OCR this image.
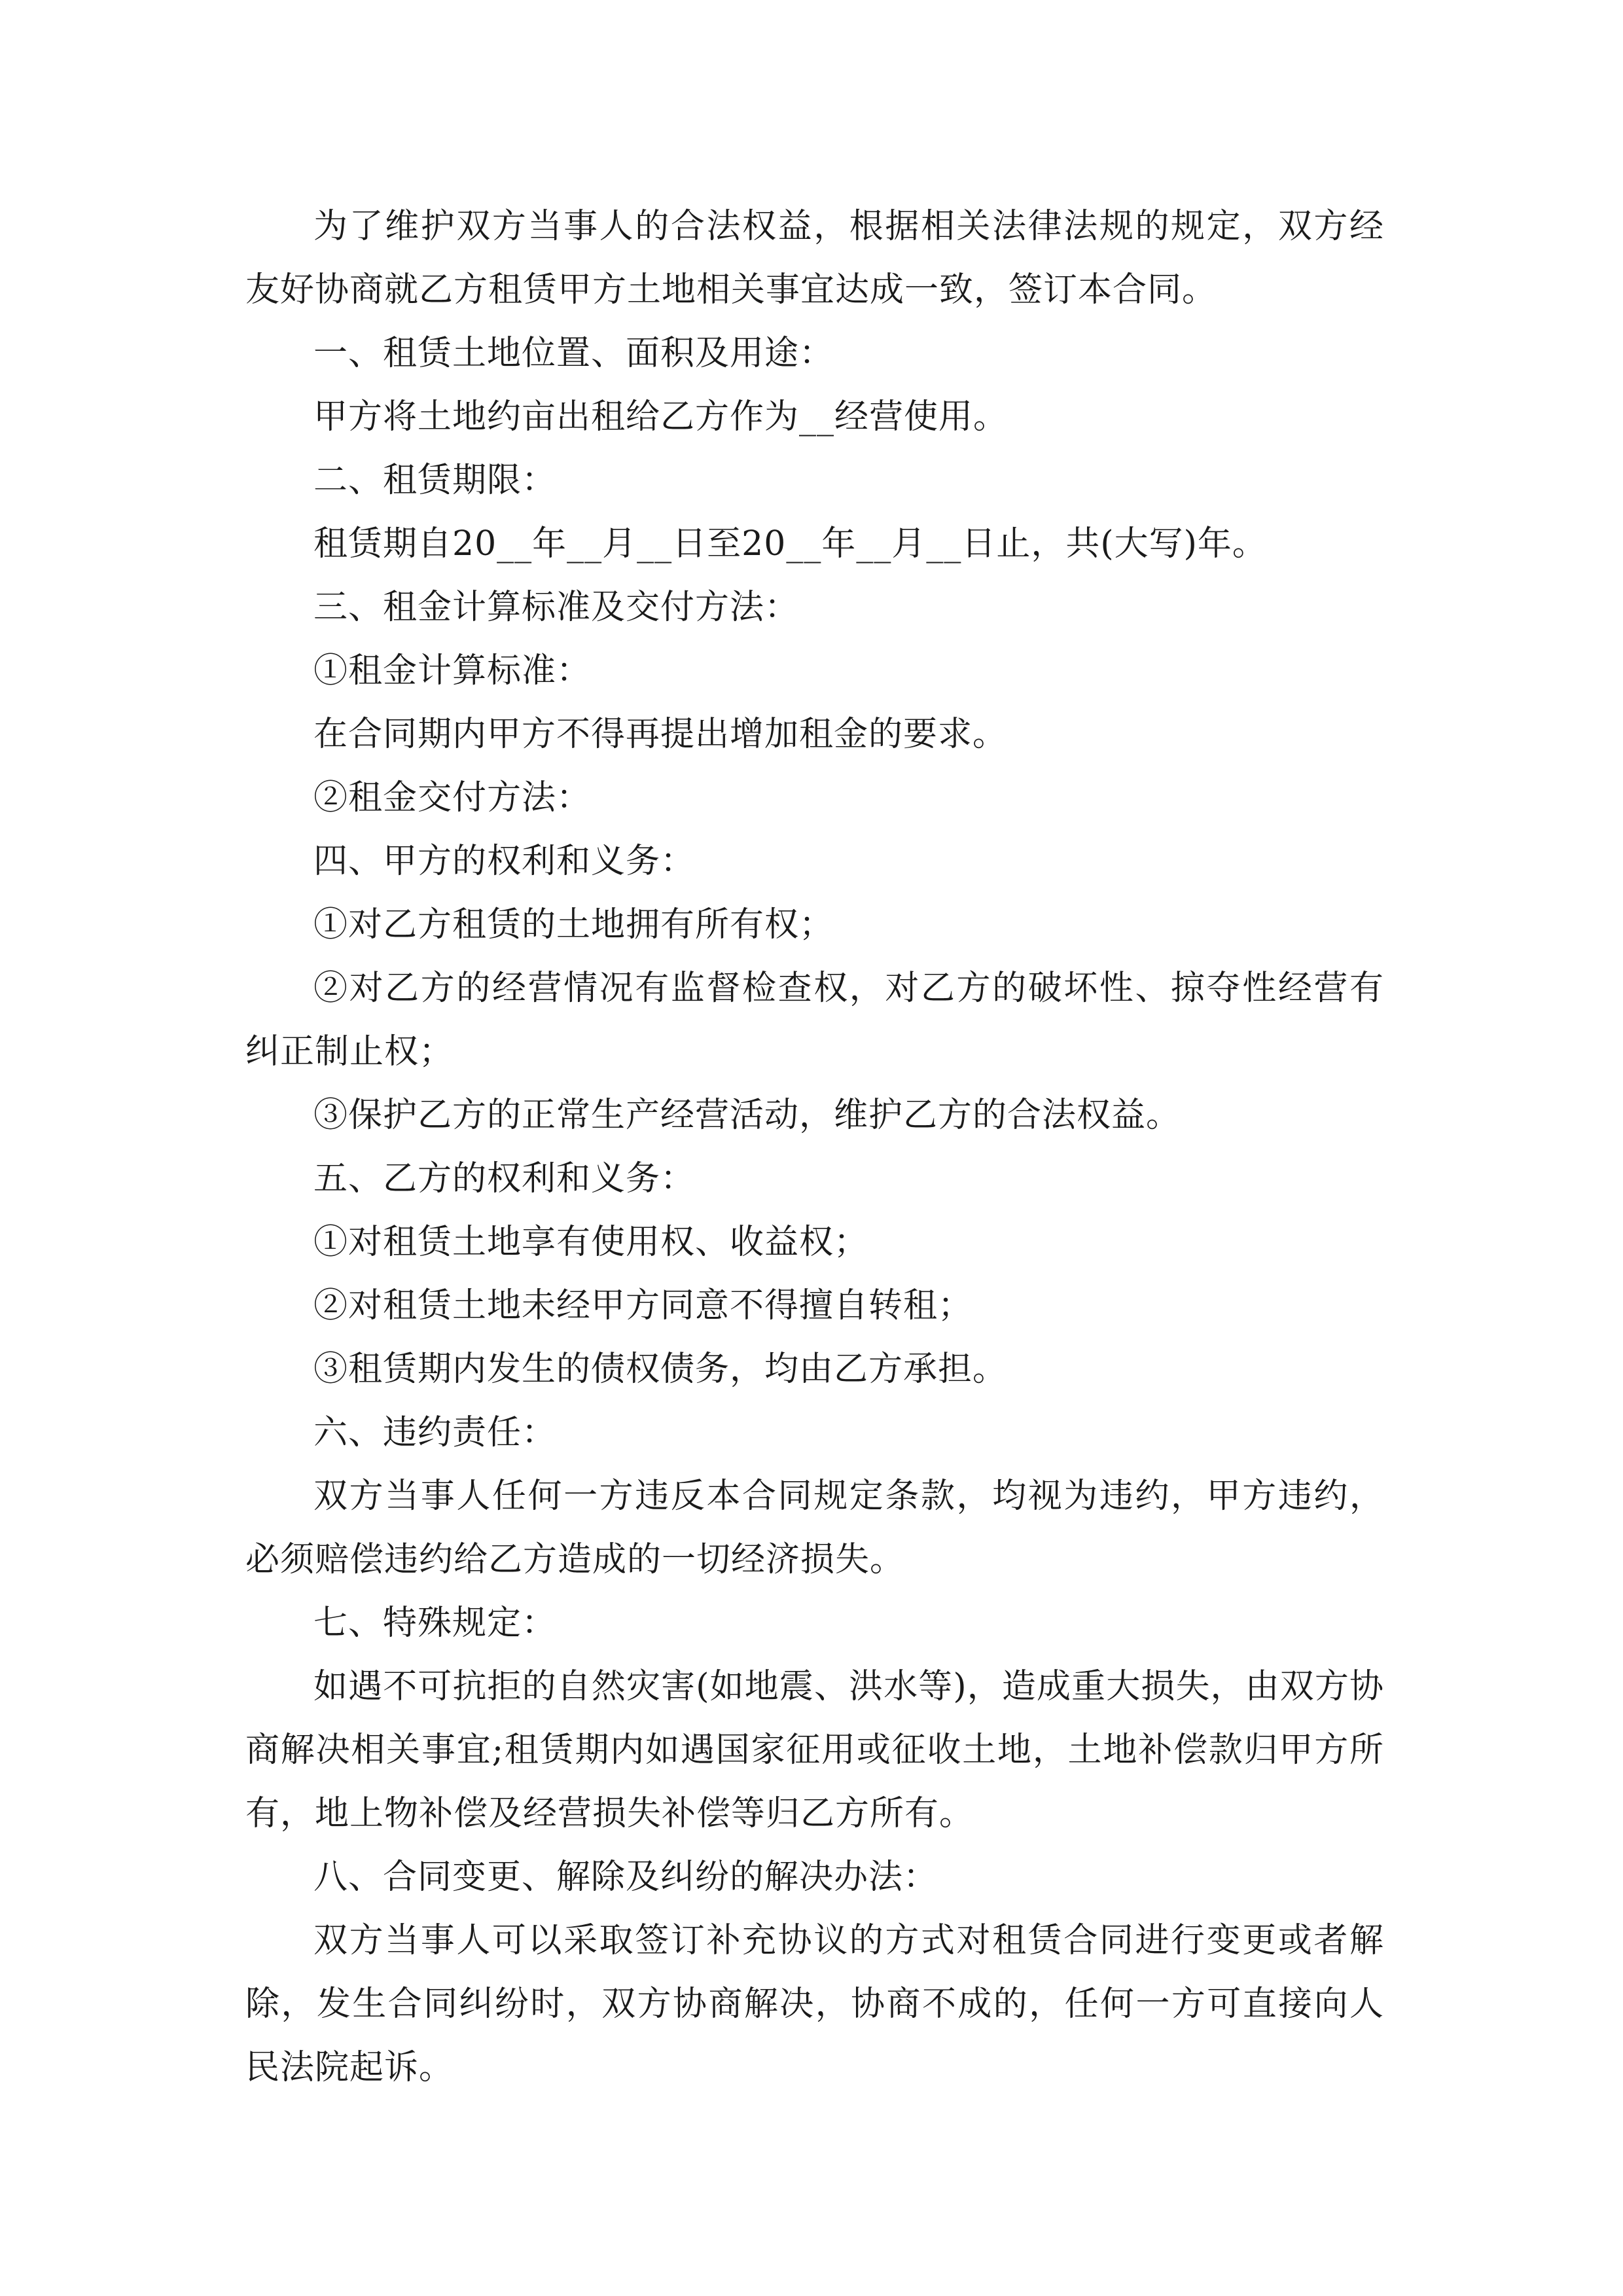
为了维护双方当事人的合法权益，根据相关法律法规的规定，双方经友好协商就乙方租赁甲方土地相关事宜达成一致，签订本合同。

一、租赁土地位置、面积及用途：

甲方将土地约亩出租给乙方作为__经营使用。

二、租赁期限：

租赁期自20__年__月__日至20__年__月__日止，共(大写)年。

三、租金计算标准及交付方法：

①租金计算标准：

在合同期内甲方不得再提出增加租金的要求。

②租金交付方法：

四、甲方的权利和义务：

①对乙方租赁的土地拥有所有权；

②对乙方的经营情况有监督检查权，对乙方的破坏性、掠夺性经营有纠正制止权；

③保护乙方的正常生产经营活动，维护乙方的合法权益。

五、乙方的权利和义务：

①对租赁土地享有使用权、收益权；

②对租赁土地未经甲方同意不得擅自转租；

③租赁期内发生的债权债务，均由乙方承担。

六、违约责任：

双方当事人任何一方违反本合同规定条款，均视为违约，甲方违约，必须赔偿违约给乙方造成的一切经济损失。

七、特殊规定：

如遇不可抗拒的自然灾害(如地震、洪水等)，造成重大损失，由双方协商解决相关事宜;租赁期内如遇国家征用或征收土地，土地补偿款归甲方所有，地上物补偿及经营损失补偿等归乙方所有。

八、合同变更、解除及纠纷的解决办法：

双方当事人可以采取签订补充协议的方式对租赁合同进行变更或者解除，发生合同纠纷时，双方协商解决，协商不成的，任何一方可直接向人民法院起诉。
